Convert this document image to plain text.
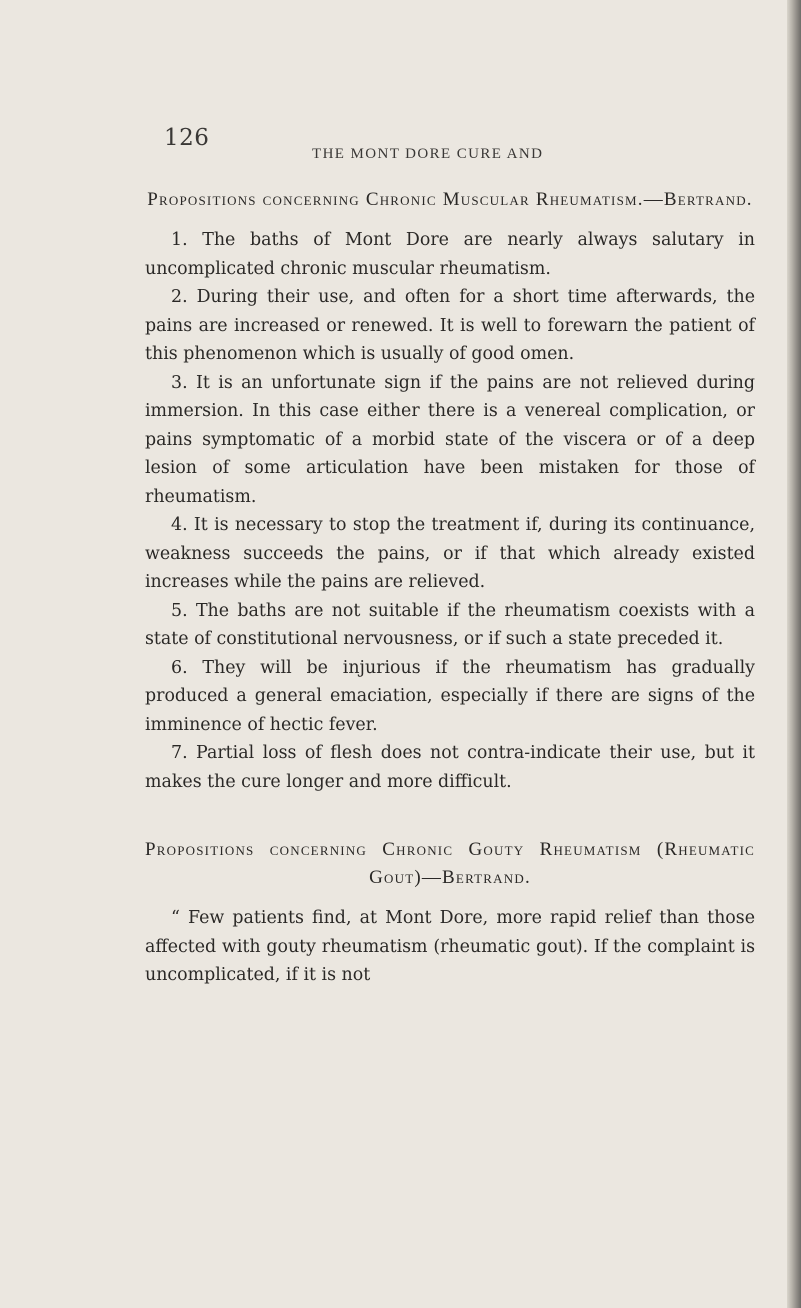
126
THE MONT DORE CURE AND

Propositions concerning Chronic Muscular Rheumatism.—Bertrand.

1. The baths of Mont Dore are nearly always salutary in uncomplicated chronic muscular rheumatism.

2. During their use, and often for a short time afterwards, the pains are increased or renewed. It is well to forewarn the patient of this phenomenon which is usually of good omen.

3. It is an unfortunate sign if the pains are not relieved during immersion. In this case either there is a venereal complication, or pains symptomatic of a morbid state of the viscera or of a deep lesion of some articulation have been mistaken for those of rheumatism.

4. It is necessary to stop the treatment if, during its continuance, weakness succeeds the pains, or if that which already existed increases while the pains are relieved.

5. The baths are not suitable if the rheumatism coexists with a state of constitutional nervousness, or if such a state preceded it.

6. They will be injurious if the rheumatism has gradually produced a general emaciation, especially if there are signs of the imminence of hectic fever.

7. Partial loss of flesh does not contra-indicate their use, but it makes the cure longer and more difficult.

Propositions concerning Chronic Gouty Rheumatism (Rheumatic Gout)—Bertrand.

“ Few patients find, at Mont Dore, more rapid relief than those affected with gouty rheumatism (rheumatic gout). If the complaint is uncomplicated, if it is not
